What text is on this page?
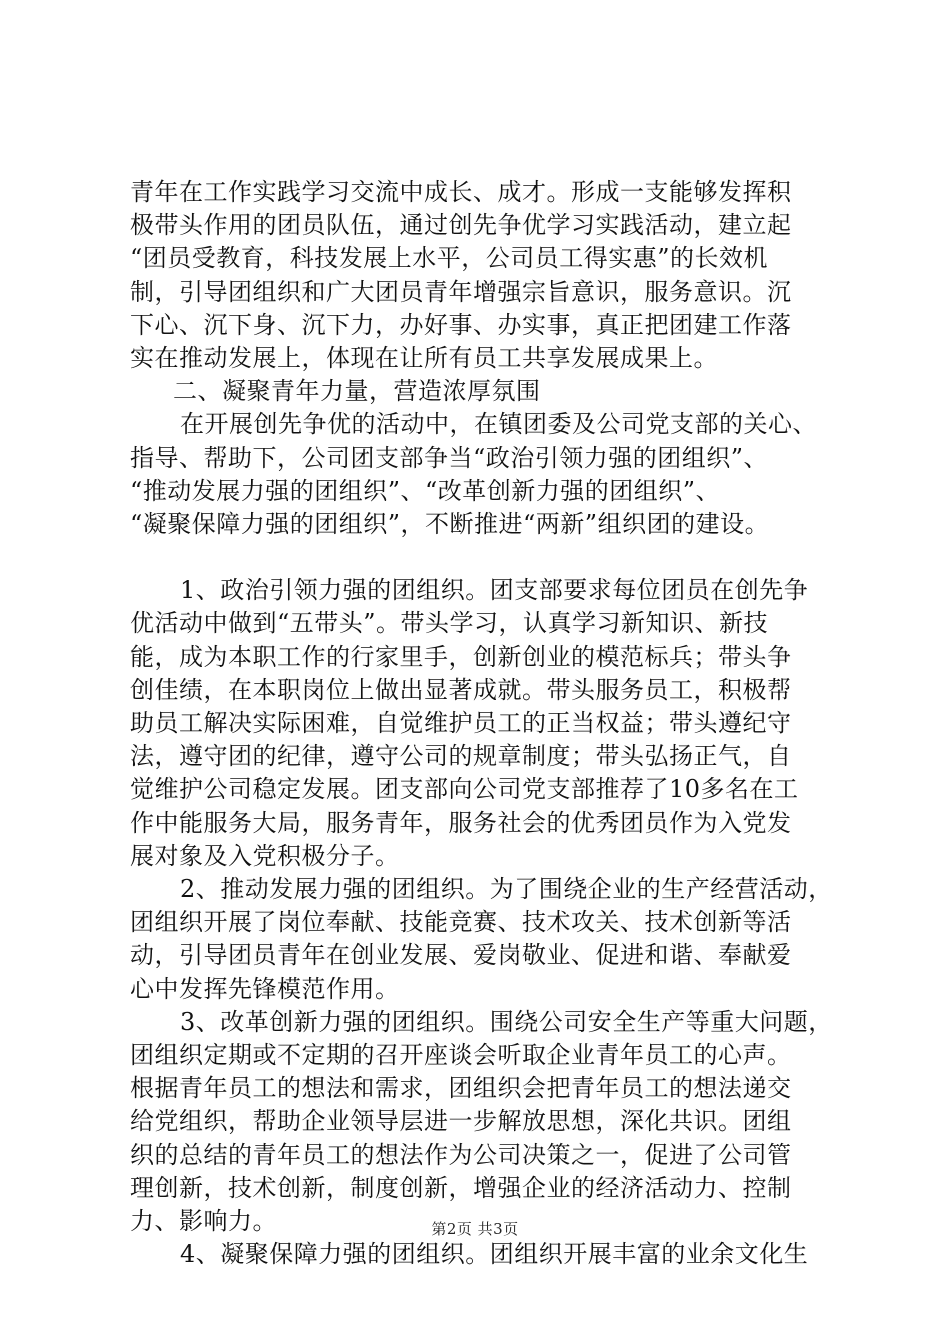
青年在工作实践学习交流中成长、成才。形成一支能够发挥积

极带头作用的团员队伍，通过创先争优学习实践活动，建立起

“团员受教育，科技发展上水平，公司员工得实惠”的长效机

制，引导团组织和广大团员青年增强宗旨意识，服务意识。沉

下心、沉下身、沉下力，办好事、办实事，真正把团建工作落

实在推动发展上，体现在让所有员工共享发展成果上。

二、凝聚青年力量，营造浓厚氛围

在开展创先争优的活动中，在镇团委及公司党支部的关心、

指导、帮助下，公司团支部争当“政治引领力强的团组织”、

“推动发展力强的团组织”、“改革创新力强的团组织”、

“凝聚保障力强的团组织”，不断推进“两新”组织团的建设。

1、政治引领力强的团组织。团支部要求每位团员在创先争

优活动中做到“五带头”。带头学习，认真学习新知识、新技

能，成为本职工作的行家里手，创新创业的模范标兵；带头争

创佳绩，在本职岗位上做出显著成就。带头服务员工，积极帮

助员工解决实际困难，自觉维护员工的正当权益；带头遵纪守

法，遵守团的纪律，遵守公司的规章制度；带头弘扬正气，自

觉维护公司稳定发展。团支部向公司党支部推荐了10多名在工

作中能服务大局，服务青年，服务社会的优秀团员作为入党发

展对象及入党积极分子。

2、推动发展力强的团组织。为了围绕企业的生产经营活动，

团组织开展了岗位奉献、技能竞赛、技术攻关、技术创新等活

动，引导团员青年在创业发展、爱岗敬业、促进和谐、奉献爱

心中发挥先锋模范作用。

3、改革创新力强的团组织。围绕公司安全生产等重大问题，

团组织定期或不定期的召开座谈会听取企业青年员工的心声。

根据青年员工的想法和需求，团组织会把青年员工的想法递交

给党组织，帮助企业领导层进一步解放思想，深化共识。团组

织的总结的青年员工的想法作为公司决策之一，促进了公司管

理创新，技术创新，制度创新，增强企业的经济活动力、控制

力、影响力。

4、凝聚保障力强的团组织。团组织开展丰富的业余文化生

第2页 共3页
